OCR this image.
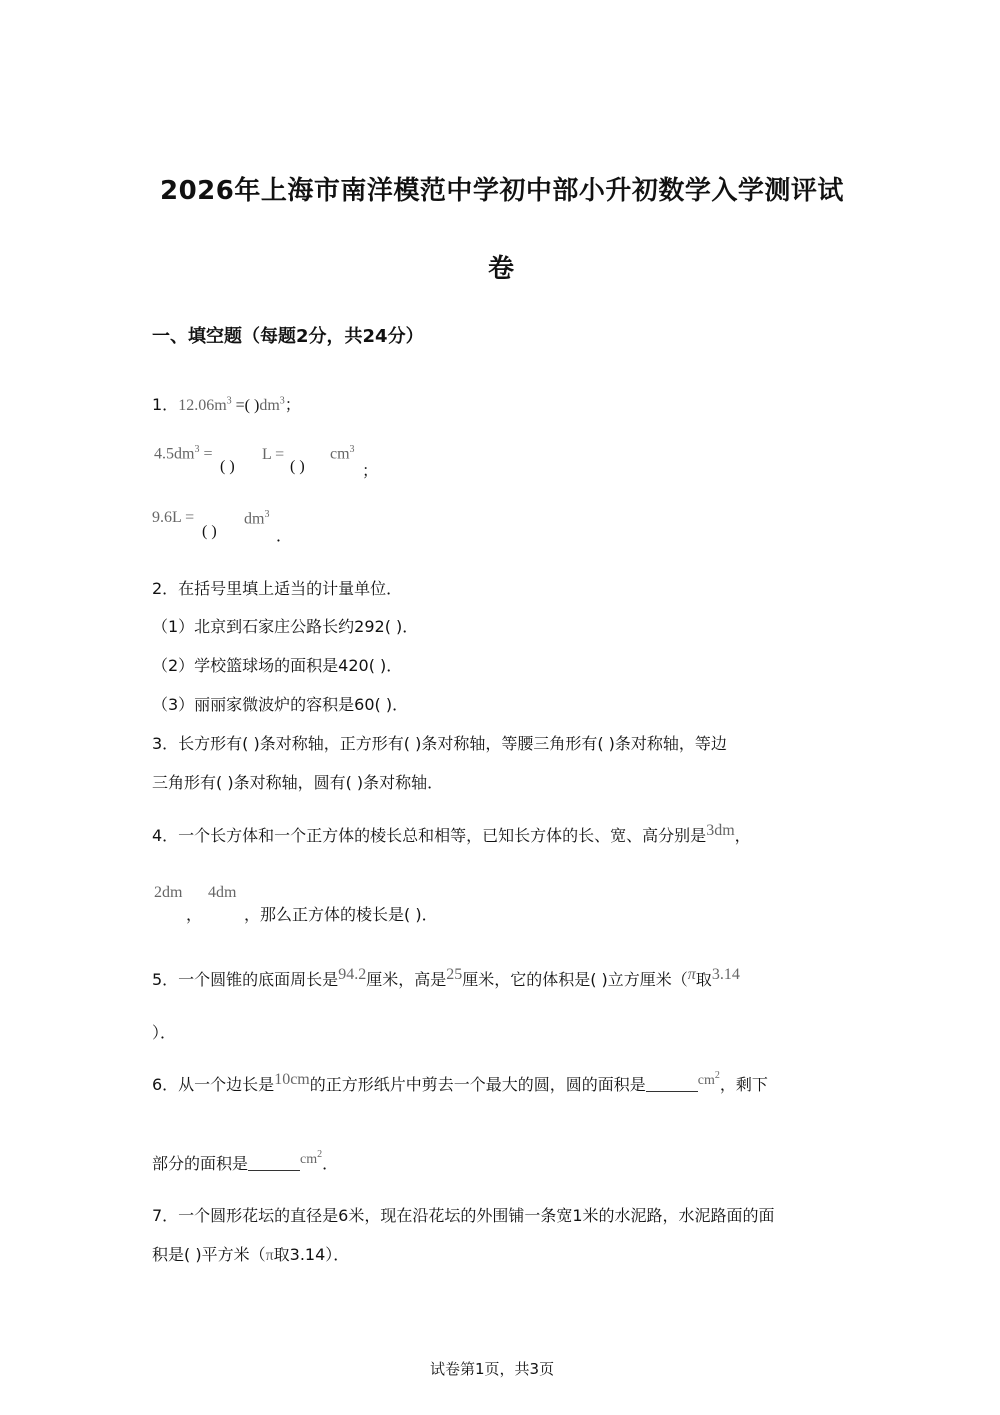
2026年上海市南洋模范中学初中部小升初数学入学测评试
卷
一、填空题（每题2分，共24分）
1．$12.06m^3$ =( )$dm^3$；
$4.5dm^3$ =
( )
L =
( )
$cm^3$
；
9.6L =
( )
$dm^3$
．
2．在括号里填上适当的计量单位．
（1）北京到石家庄公路长约292( )．
（2）学校篮球场的面积是420( )．
（3）丽丽家微波炉的容积是60( )．
3．长方形有( )条对称轴，正方形有( )条对称轴，等腰三角形有( )条对称轴，等边
三角形有( )条对称轴，圆有( )条对称轴．
4．一个长方体和一个正方体的棱长总和相等，已知长方体的长、宽、高分别是3dm，
2dm
，
4dm
，那么正方体的棱长是( )．
5．一个圆锥的底面周长是94.2厘米，高是25厘米，它的体积是( )立方厘米（π取3.14
）．
6．从一个边长是10cm的正方形纸片中剪去一个最大的圆，圆的面积是	$cm^2$，剩下
部分的面积是	$cm^2$．
7．一个圆形花坛的直径是6米，现在沿花坛的外围铺一条宽1米的水泥路，水泥路面的面
积是( )平方米（π取3.14）．
试卷第1页，共3页
